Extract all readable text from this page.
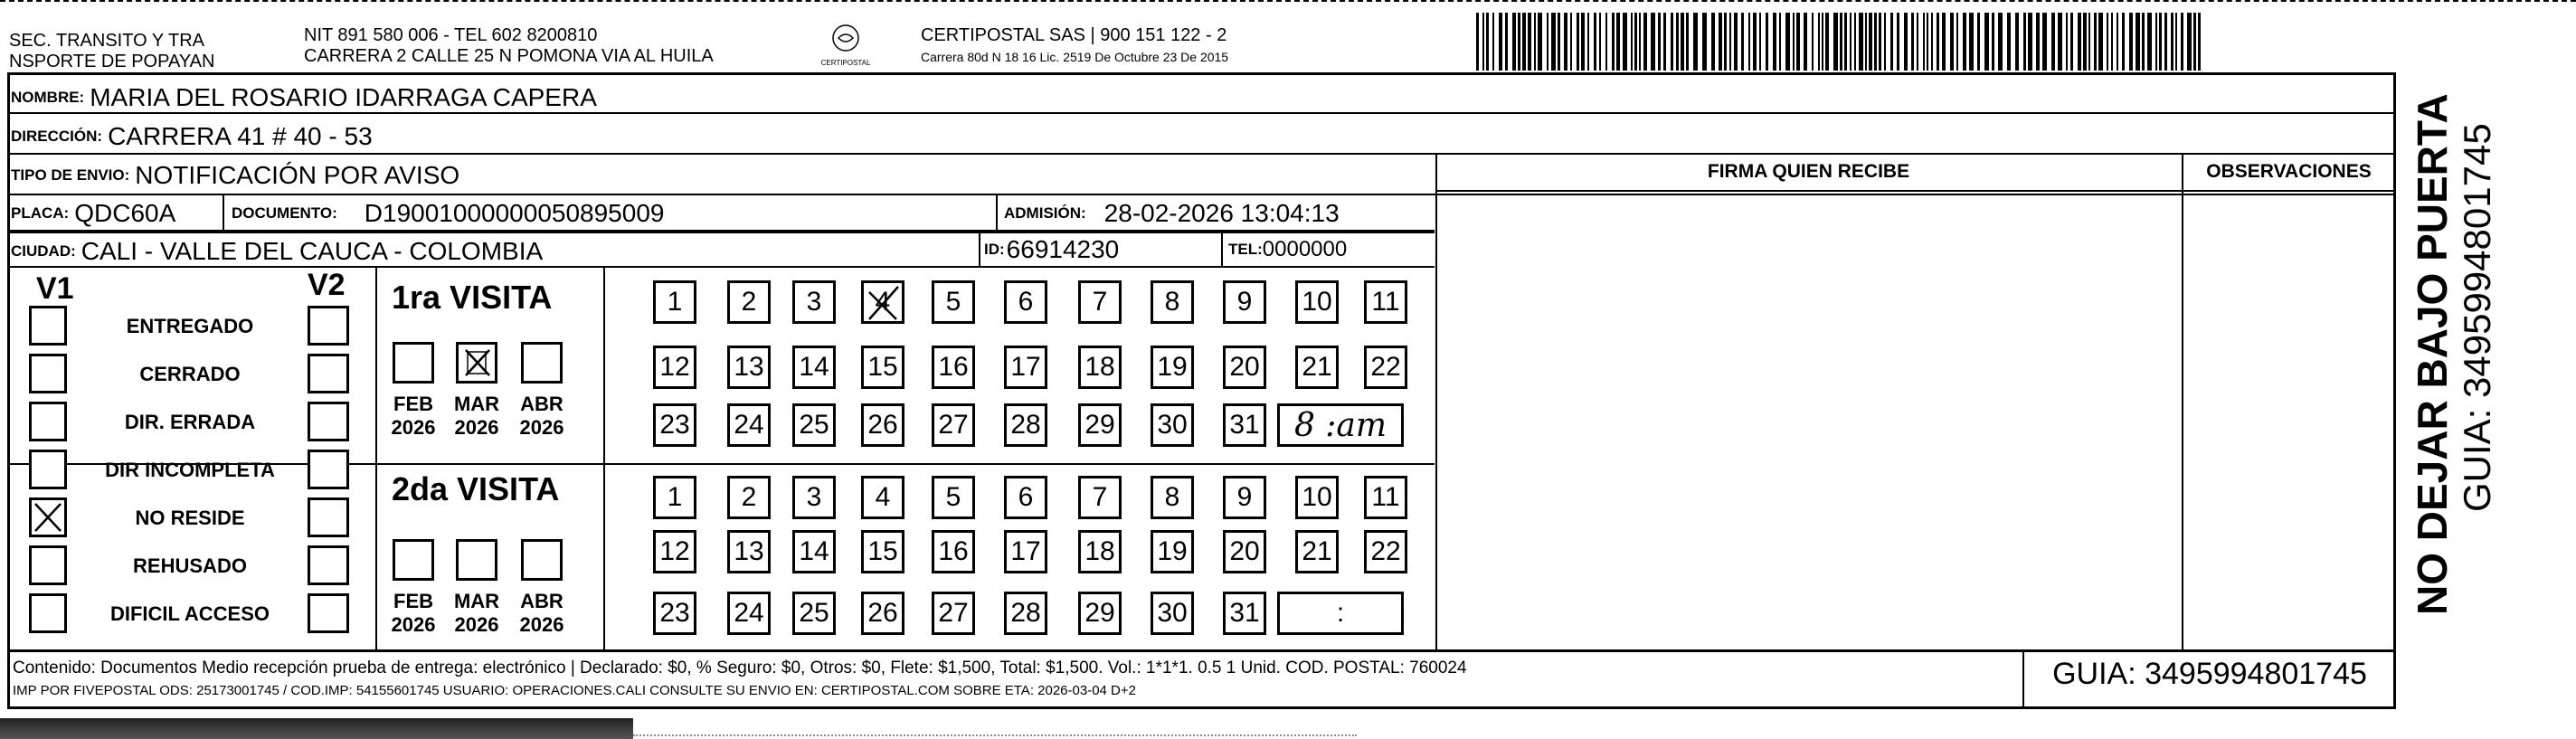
SEC. TRANSITO Y TRA
NSPORTE DE POPAYAN
NIT 891 580 006 - TEL 602 8200810
CARRERA 2 CALLE 25 N POMONA VIA AL HUILA	CERTIPOSTAL
CERTIPOSTAL SAS | 900 151 122 - 2
Carrera 80d N 18 16 Lic. 2519 De Octubre 23 De 2015
NOMBRE: MARIA DEL ROSARIO IDARRAGA CAPERA
DIRECCIÓN: CARRERA 41 # 40 - 53
TIPO DE ENVIO: NOTIFICACIÓN POR AVISO
PLACA: QDC60A	DOCUMENTO: D19001000000050895009	ADMISIÓN: 28-02-2026 13:04:13
CIUDAD: CALI - VALLE DEL CAUCA - COLOMBIA	ID: 66914230	TEL: 0000000
FIRMA QUIEN RECIBE	OBSERVACIONES
V1	V2
ENTREGADO
CERRADO
DIR. ERRADA
DIR INCOMPLETA
NO RESIDE
REHUSADO
DIFICIL ACCESO
1ra VISITA
2da VISITA
FEB
2026
MAR
2026
ABR
2026
FEB
2026
MAR
2026
ABR
2026
1 2 3 4 5 6 7 8 9 10 11
12 13 14 15 16 17 18 19 20 21 22
23 24 25 26 27 28 29 30 31 8 :am
1 2 3 4 5 6 7 8 9 10 11
12 13 14 15 16 17 18 19 20 21 22
23 24 25 26 27 28 29 30 31	:
Contenido: Documentos Medio recepción prueba de entrega: electrónico | Declarado: $0, % Seguro: $0, Otros: $0, Flete: $1,500, Total: $1,500. Vol.: 1*1*1. 0.5 1 Unid. COD. POSTAL: 760024
IMP POR FIVEPOSTAL ODS: 25173001745 / COD.IMP: 54155601745 USUARIO: OPERACIONES.CALI CONSULTE SU ENVIO EN: CERTIPOSTAL.COM SOBRE ETA: 2026-03-04 D+2	GUIA: 3495994801745
NO DEJAR BAJO PUERTA GUIA: 3495994801745
